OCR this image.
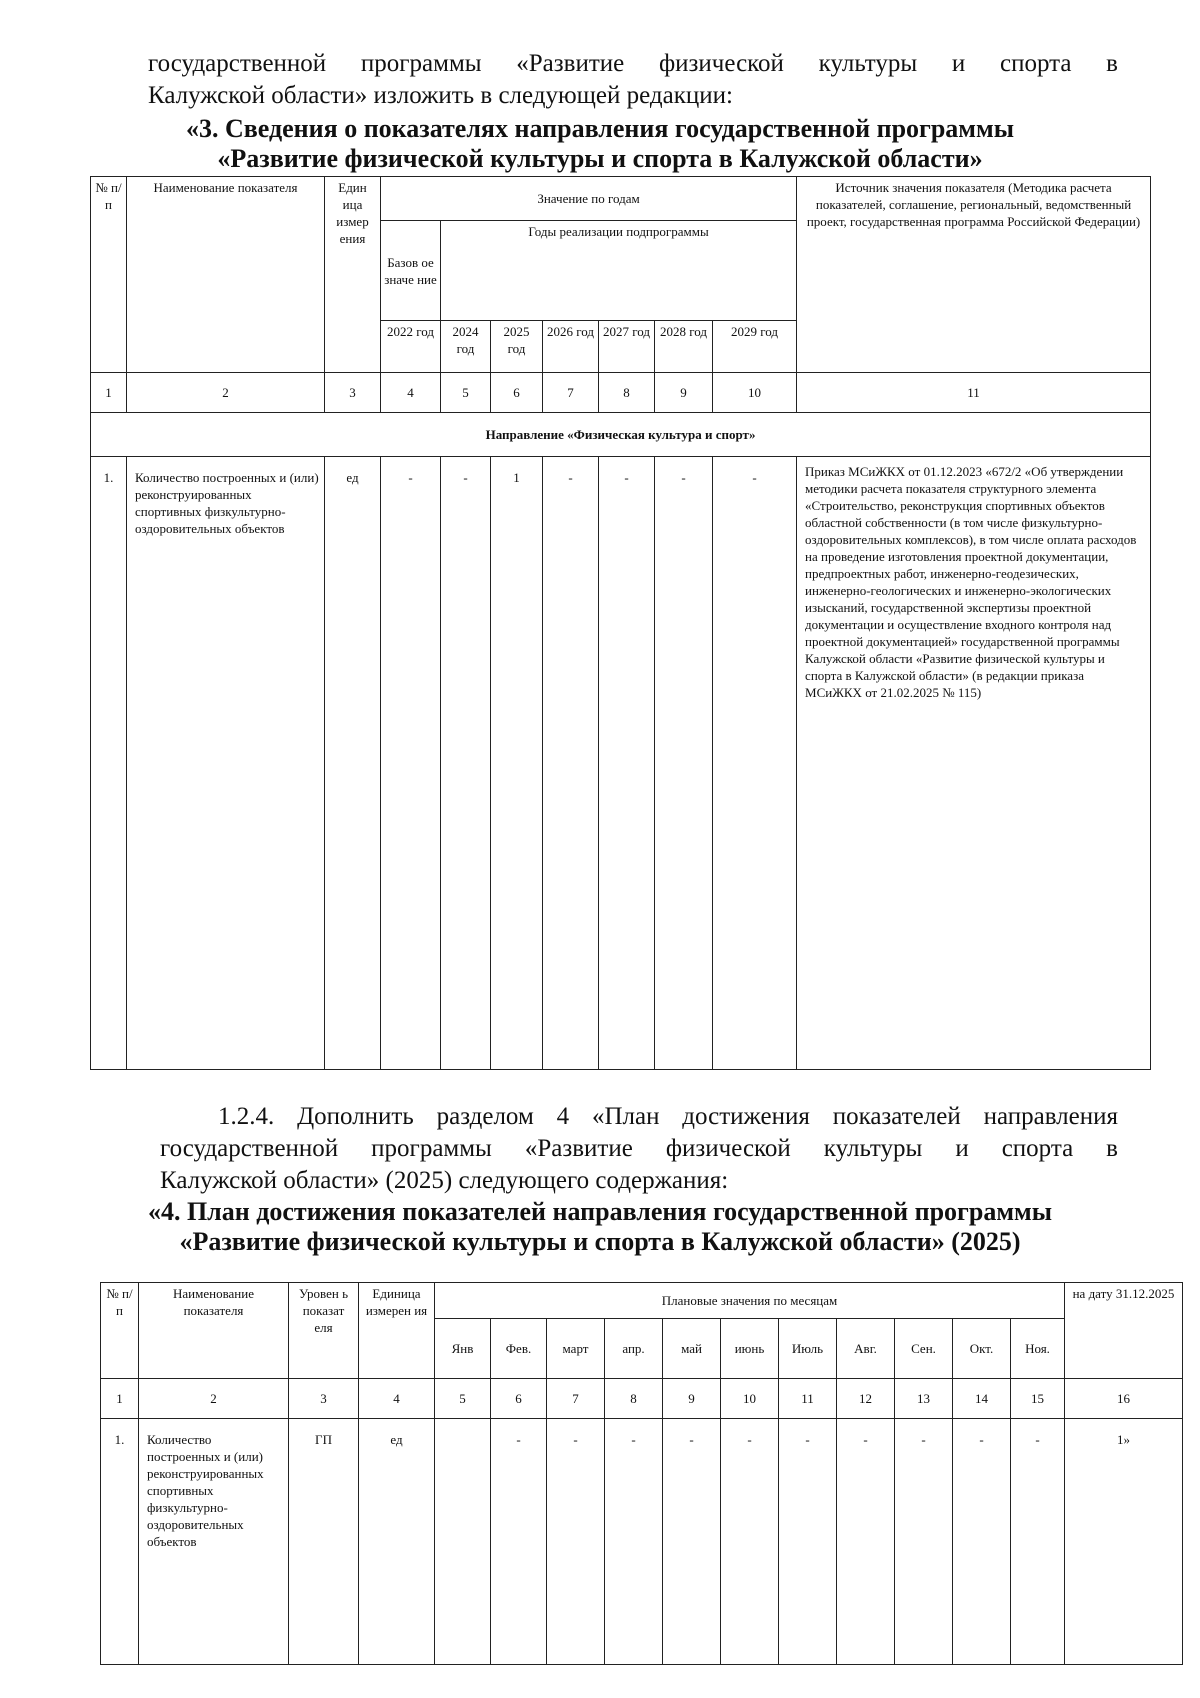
государственной программы «Развитие физической культуры и спорта в
Калужской области» изложить в следующей редакции:
«3. Сведения о показателях направления государственной программы
«Развитие физической культуры и спорта в Калужской области»
№ п/п	Наименование показателя	Един ица измер ения	Значение по годам							Источник значения показателя (Методика расчета показателей, соглашение, региональный, ведомственный проект, государственная программа Российской Федерации)
			Базов ое значе ние	Годы реализации подпрограммы						
			2022 год	2024 год	2025 год	2026 год	2027 год	2028 год	2029 год	
1	2	3	4	5	6	7	8	9	10	11
Направление «Физическая культура и спорт»										
1.	Количество построенных и (или) реконструированных спортивных физкультурно-оздоровительных объектов	ед	-	-	1	-	-	-	-	Приказ МСиЖКХ от 01.12.2023 «672/2 «Об утверждении методики расчета показателя структурного элемента «Строительство, реконструкция спортивных объектов областной собственности (в том числе физкультурно-оздоровительных комплексов), в том числе оплата расходов на проведение изготовления проектной документации, предпроектных работ, инженерно-геодезических, инженерно-геологических и инженерно-экологических изысканий, государственной экспертизы проектной документации и осуществление входного контроля над проектной документацией» государственной программы Калужской области «Развитие физической культуры и спорта в Калужской области» (в редакции приказа МСиЖКХ от 21.02.2025 № 115)
1.2.4. Дополнить разделом 4 «План достижения показателей направления
государственной программы «Развитие физической культуры и спорта в
Калужской области» (2025) следующего содержания:
«4. План достижения показателей направления государственной программы
«Развитие физической культуры и спорта в Калужской области» (2025)
№ п/п	Наименование показателя	Уровен ь показат еля	Единица измерен ия	Плановые значения по месяцам											на дату 31.12.2025
				Янв	Фев.	март	апр.	май	июнь	Июль	Авг.	Сен.	Окт.	Ноя.	
1	2	3	4	5	6	7	8	9	10	11	12	13	14	15	16
1.	Количество построенных и (или) реконструированных спортивных физкультурно-оздоровительных объектов	ГП	ед		-	-	-	-	-	-	-	-	-	-	1»
